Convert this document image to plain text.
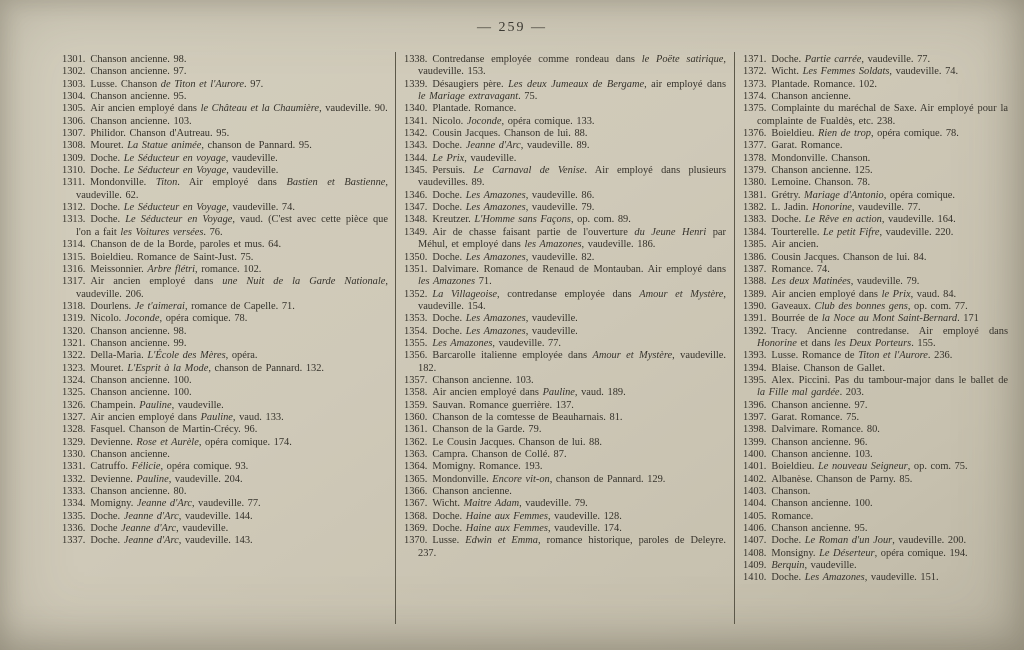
— 259 —

1301. Chanson ancienne. 98.

1302. Chanson ancienne. 97.

1303. Lusse. Chanson de Titon et l'Aurore. 97.

1304. Chanson ancienne. 95.

1305. Air ancien employé dans le Château et la Chaumière, vaudeville. 90.

1306. Chanson ancienne. 103.

1307. Philidor. Chanson d'Autreau. 95.

1308. Mouret. La Statue animée, chanson de Pannard. 95.

1309. Doche. Le Séducteur en voyage, vaudeville.

1310. Doche. Le Séducteur en Voyage, vaudeville.

1311. Mondonville. Titon. Air employé dans Bastien et Bastienne, vaudeville. 62.

1312. Doche. Le Séducteur en Voyage, vaudeville. 74.

1313. Doche. Le Séducteur en Voyage, vaud. (C'est avec cette pièce que l'on a fait les Voitures versées. 76.

1314. Chanson de de la Borde, paroles et mus. 64.

1315. Boieldieu. Romance de Saint-Just. 75.

1316. Meissonnier. Arbre flétri, romance. 102.

1317. Air ancien employé dans une Nuit de la Garde Nationale, vaudeville. 206.

1318. Dourlens. Je t'aimerai, romance de Capelle. 71.

1319. Nicolo. Joconde, opéra comique. 78.

1320. Chanson ancienne. 98.

1321. Chanson ancienne. 99.

1322. Della-Maria. L'École des Mères, opéra.

1323. Mouret. L'Esprit à la Mode, chanson de Pannard. 132.

1324. Chanson ancienne. 100.

1325. Chanson ancienne. 100.

1326. Champein. Pauline, vaudeville.

1327. Air ancien employé dans Pauline, vaud. 133.

1328. Fasquel. Chanson de Martin-Crécy. 96.

1329. Devienne. Rose et Aurèle, opéra comique. 174.

1330. Chanson ancienne.

1331. Catruffo. Félicie, opéra comique. 93.

1332. Devienne. Pauline, vaudeville. 204.

1333. Chanson ancienne. 80.

1334. Momigny. Jeanne d'Arc, vaudeville. 77.

1335. Doche. Jeanne d'Arc, vaudeville. 144.

1336. Doche Jeanne d'Arc, vaudeville.

1337. Doche. Jeanne d'Arc, vaudeville. 143.

1338. Contredanse employée comme rondeau dans le Poëte satirique, vaudeville. 153.

1339. Désaugiers père. Les deux Jumeaux de Bergame, air employé dans le Mariage extravagant. 75.

1340. Plantade. Romance.

1341. Nicolo. Joconde, opéra comique. 133.

1342. Cousin Jacques. Chanson de lui. 88.

1343. Doche. Jeanne d'Arc, vaudeville. 89.

1344. Le Prix, vaudeville.

1345. Persuis. Le Carnaval de Venise. Air employé dans plusieurs vaudevilles. 89.

1346. Doche. Les Amazones, vaudeville. 86.

1347. Doche. Les Amazones, vaudeville. 79.

1348. Kreutzer. L'Homme sans Façons, op. com. 89.

1349. Air de chasse faisant partie de l'ouverture du Jeune Henri par Méhul, et employé dans les Amazones, vaudeville. 186.

1350. Doche. Les Amazones, vaudeville. 82.

1351. Dalvimare. Romance de Renaud de Montauban. Air employé dans les Amazones 71.

1352. La Villageoise, contredanse employée dans Amour et Mystère, vaudeville. 154.

1353. Doche. Les Amazones, vaudeville.

1354. Doche. Les Amazones, vaudeville.

1355. Les Amazones, vaudeville. 77.

1356. Barcarolle italienne employée dans Amour et Mystère, vaudeville. 182.

1357. Chanson ancienne. 103.

1358. Air ancien employé dans Pauline, vaud. 189.

1359. Sauvan. Romance guerrière. 137.

1360. Chanson de la comtesse de Beauharnais. 81.

1361. Chanson de la Garde. 79.

1362. Le Cousin Jacques. Chanson de lui. 88.

1363. Campra. Chanson de Collé. 87.

1364. Momigny. Romance. 193.

1365. Mondonville. Encore vit-on, chanson de Pannard. 129.

1366. Chanson ancienne.

1367. Wicht. Maitre Adam, vaudeville. 79.

1368. Doche. Haine aux Femmes, vaudeville. 128.

1369. Doche. Haine aux Femmes, vaudeville. 174.

1370. Lusse. Edwin et Emma, romance historique, paroles de Deleyre. 237.

1371. Doche. Partie carrée, vaudeville. 77.

1372. Wicht. Les Femmes Soldats, vaudeville. 74.

1373. Plantade. Romance. 102.

1374. Chanson ancienne.

1375. Complainte du maréchal de Saxe. Air employé pour la complainte de Fualdès, etc. 238.

1376. Boieldieu. Rien de trop, opéra comique. 78.

1377. Garat. Romance.

1378. Mondonville. Chanson.

1379. Chanson ancienne. 125.

1380. Lemoine. Chanson. 78.

1381. Grétry. Mariage d'Antonio, opéra comique.

1382. L. Jadin. Honorine, vaudeville. 77.

1383. Doche. Le Rêve en action, vaudeville. 164.

1384. Tourterelle. Le petit Fifre, vaudeville. 220.

1385. Air ancien.

1386. Cousin Jacques. Chanson de lui. 84.

1387. Romance. 74.

1388. Les deux Matinées, vaudeville. 79.

1389. Air ancien employé dans le Prix, vaud. 84.

1390. Gaveaux. Club des bonnes gens, op. com. 77.

1391. Bourrée de la Noce au Mont Saint-Bernard. 171

1392. Tracy. Ancienne contredanse. Air employé dans Honorine et dans les Deux Porteurs. 155.

1393. Lusse. Romance de Titon et l'Aurore. 236.

1394. Blaise. Chanson de Gallet.

1395. Alex. Piccini. Pas du tambour-major dans le ballet de la Fille mal gardée. 203.

1396. Chanson ancienne. 97.

1397. Garat. Romance. 75.

1398. Dalvimare. Romance. 80.

1399. Chanson ancienne. 96.

1400. Chanson ancienne. 103.

1401. Boieldieu. Le nouveau Seigneur, op. com. 75.

1402. Albanèse. Chanson de Parny. 85.

1403. Chanson.

1404. Chanson ancienne. 100.

1405. Romance.

1406. Chanson ancienne. 95.

1407. Doche. Le Roman d'un Jour, vaudeville. 200.

1408. Monsigny. Le Déserteur, opéra comique. 194.

1409. Berquin, vaudeville.

1410. Doche. Les Amazones, vaudeville. 151.
